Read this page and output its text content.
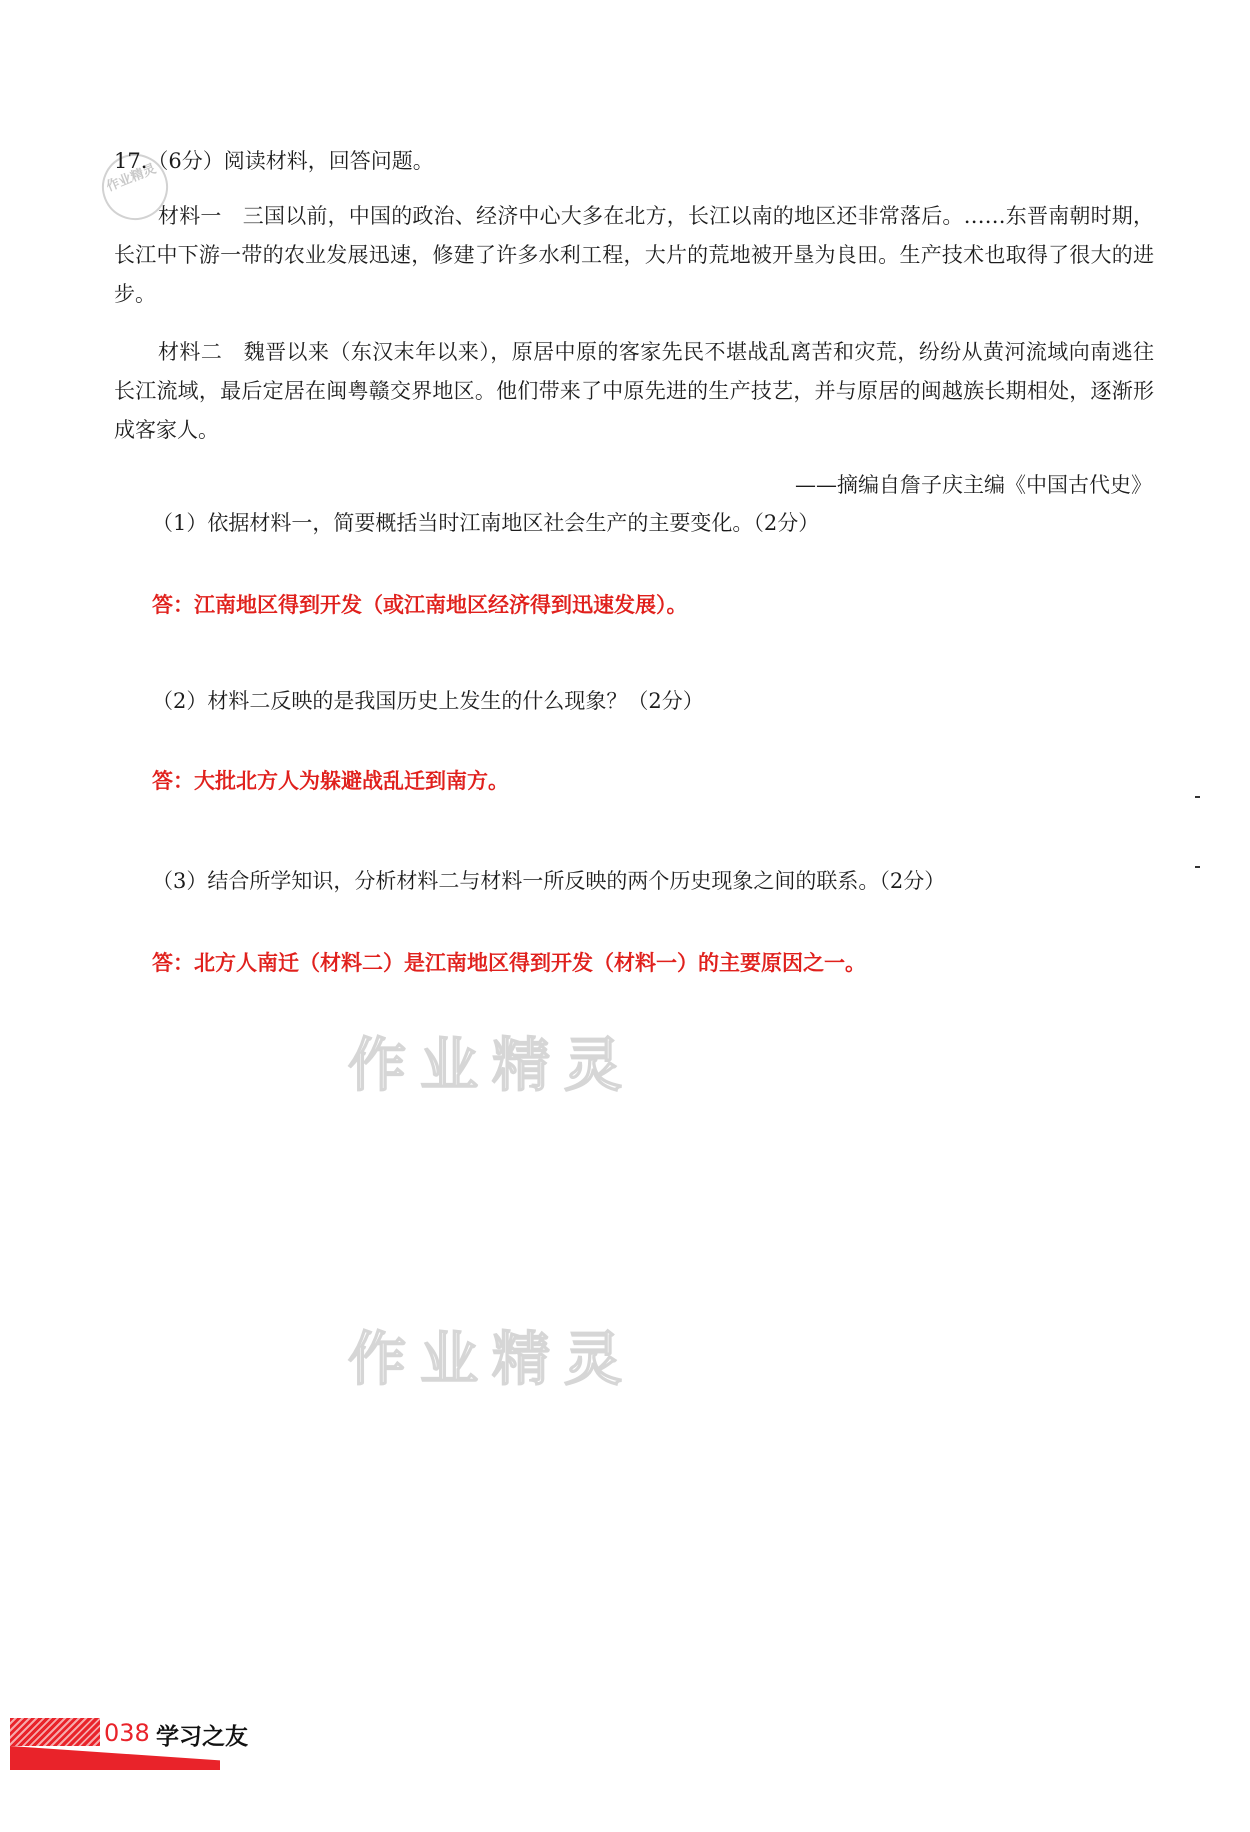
作业精灵
17.（6分）阅读材料，回答问题。
材料一　三国以前，中国的政治、经济中心大多在北方，长江以南的地区还非常落后。……东晋南朝时期，长江中下游一带的农业发展迅速，修建了许多水利工程，大片的荒地被开垦为良田。生产技术也取得了很大的进步。
材料二　魏晋以来（东汉末年以来），原居中原的客家先民不堪战乱离苦和灾荒，纷纷从黄河流域向南逃往长江流域，最后定居在闽粤赣交界地区。他们带来了中原先进的生产技艺，并与原居的闽越族长期相处，逐渐形成客家人。
——摘编自詹子庆主编《中国古代史》
（1）依据材料一，简要概括当时江南地区社会生产的主要变化。（2分）
答：江南地区得到开发（或江南地区经济得到迅速发展）。
（2）材料二反映的是我国历史上发生的什么现象？（2分）
答：大批北方人为躲避战乱迁到南方。
（3）结合所学知识，分析材料二与材料一所反映的两个历史现象之间的联系。（2分）
答：北方人南迁（材料二）是江南地区得到开发（材料一）的主要原因之一。
作业精灵
作业精灵
038 学习之友
